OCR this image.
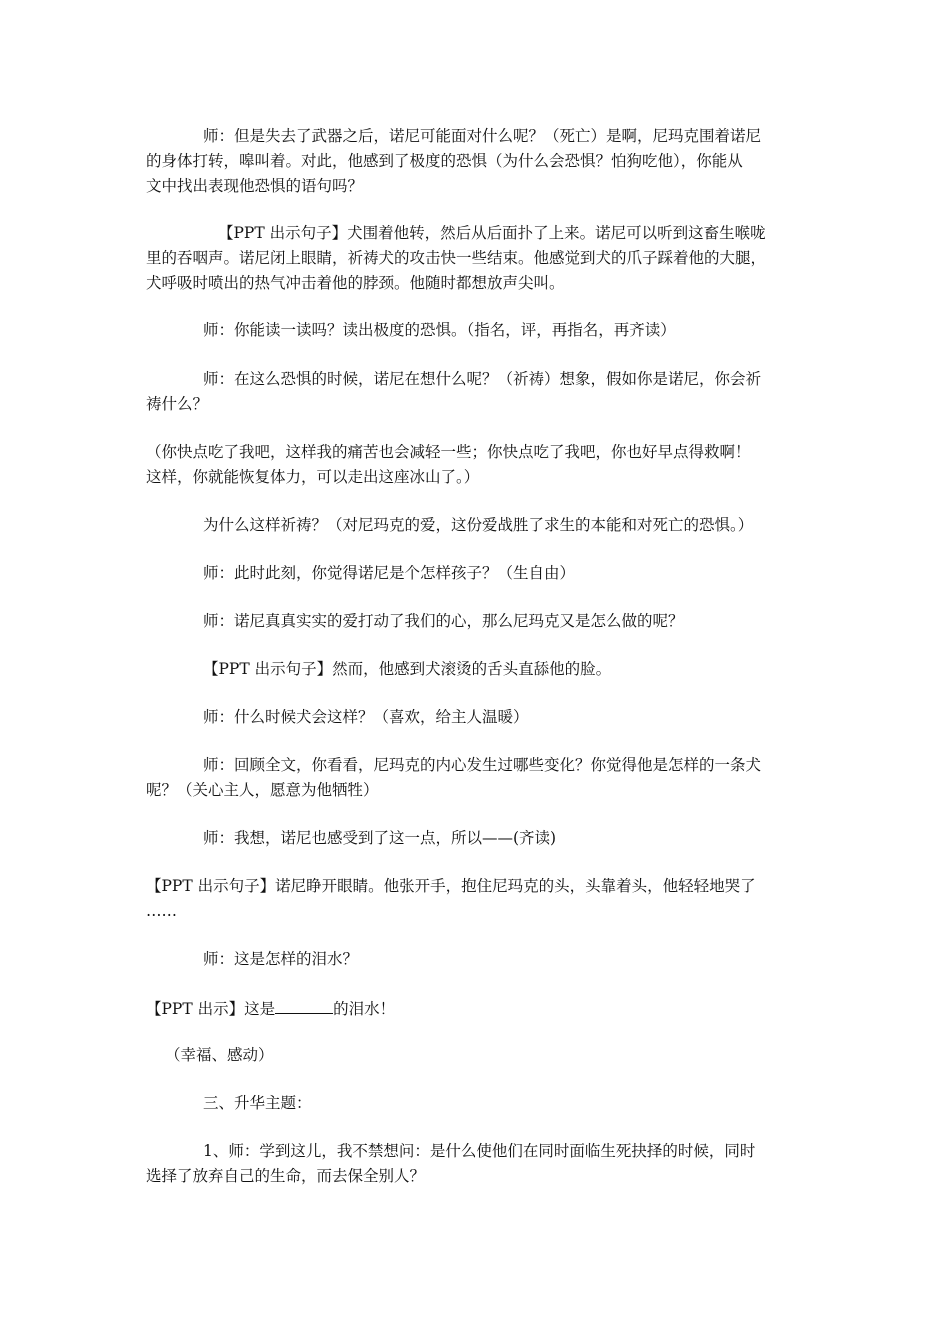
师：但是失去了武器之后，诺尼可能面对什么呢？（死亡）是啊，尼玛克围着诺尼
的身体打转，嗥叫着。对此，他感到了极度的恐惧（为什么会恐惧？怕狗吃他），你能从
文中找出表现他恐惧的语句吗？
【PPT 出示句子】犬围着他转，然后从后面扑了上来。诺尼可以听到这畜生喉咙
里的吞咽声。诺尼闭上眼睛，祈祷犬的攻击快一些结束。他感觉到犬的爪子踩着他的大腿，
犬呼吸时喷出的热气冲击着他的脖颈。他随时都想放声尖叫。
师：你能读一读吗？读出极度的恐惧。（指名，评，再指名，再齐读）
师：在这么恐惧的时候，诺尼在想什么呢？（祈祷）想象，假如你是诺尼，你会祈
祷什么？
（你快点吃了我吧，这样我的痛苦也会减轻一些；你快点吃了我吧，你也好早点得救啊！
这样，你就能恢复体力，可以走出这座冰山了。）
为什么这样祈祷？（对尼玛克的爱，这份爱战胜了求生的本能和对死亡的恐惧。）
师：此时此刻，你觉得诺尼是个怎样孩子？（生自由）
师：诺尼真真实实的爱打动了我们的心，那么尼玛克又是怎么做的呢？
【PPT 出示句子】然而，他感到犬滚烫的舌头直舔他的脸。
师：什么时候犬会这样？（喜欢，给主人温暖）
师：回顾全文，你看看，尼玛克的内心发生过哪些变化？你觉得他是怎样的一条犬
呢？（关心主人，愿意为他牺牲）
师：我想，诺尼也感受到了这一点，所以——(齐读)
【PPT 出示句子】诺尼睁开眼睛。他张开手，抱住尼玛克的头，头靠着头，他轻轻地哭了
……
师：这是怎样的泪水？
【PPT 出示】这是	的泪水！
（幸福、感动）
三、升华主题：
1、师：学到这儿，我不禁想问：是什么使他们在同时面临生死抉择的时候，同时
选择了放弃自己的生命，而去保全别人？
